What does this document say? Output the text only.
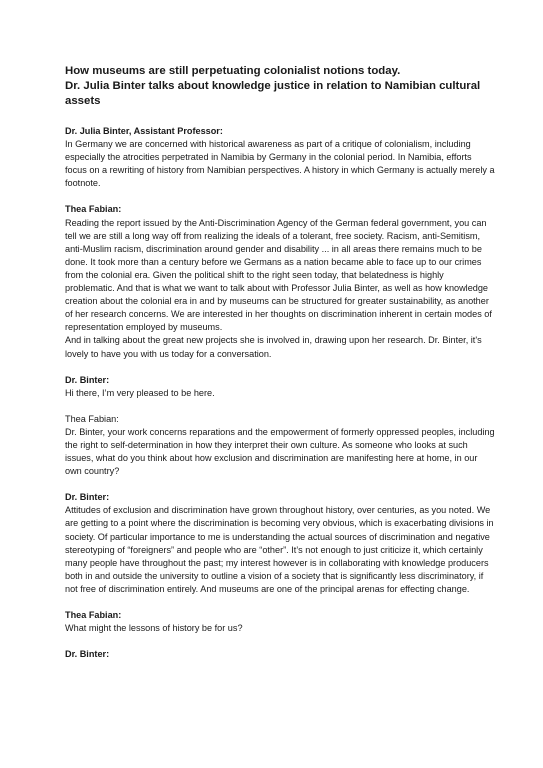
How museums are still perpetuating colonialist notions today.
Dr. Julia Binter talks about knowledge justice in relation to Namibian cultural assets
Dr. Julia Binter, Assistant Professor:

In Germany we are concerned with historical awareness as part of a critique of colonialism, including especially the atrocities perpetrated in Namibia by Germany in the colonial period. In Namibia, efforts focus on a rewriting of history from Namibian perspectives. A history in which Germany is actually merely a footnote.

Thea Fabian:

Reading the report issued by the Anti-Discrimination Agency of the German federal government, you can tell we are still a long way off from realizing the ideals of a tolerant, free society. Racism, anti-Semitism, anti-Muslim racism, discrimination around gender and disability ... in all areas there remains much to be done. It took more than a century before we Germans as a nation became able to face up to our crimes from the colonial era. Given the political shift to the right seen today, that belatedness is highly problematic. And that is what we want to talk about with Professor Julia Binter, as well as how knowledge creation about the colonial era in and by museums can be structured for greater sustainability, as another of her research concerns. We are interested in her thoughts on discrimination inherent in certain modes of representation employed by museums.

And in talking about the great new projects she is involved in, drawing upon her research. Dr. Binter, it's lovely to have you with us today for a conversation.

Dr. Binter:

Hi there, I’m very pleased to be here.

Thea Fabian:

Dr. Binter, your work concerns reparations and the empowerment of formerly oppressed peoples, including the right to self-determination in how they interpret their own culture. As someone who looks at such issues, what do you think about how exclusion and discrimination are manifesting here at home, in our own country?

Dr. Binter:

Attitudes of exclusion and discrimination have grown throughout history, over centuries, as you noted. We are getting to a point where the discrimination is becoming very obvious, which is exacerbating divisions in society. Of particular importance to me is understanding the actual sources of discrimination and negative stereotyping of “foreigners” and people who are “other”. It’s not enough to just criticize it, which certainly many people have throughout the past; my interest however is in collaborating with knowledge producers both in and outside the university to outline a vision of a society that is significantly less discriminatory, if not free of discrimination entirely. And museums are one of the principal arenas for effecting change.

Thea Fabian:

What might the lessons of history be for us?

Dr. Binter:
